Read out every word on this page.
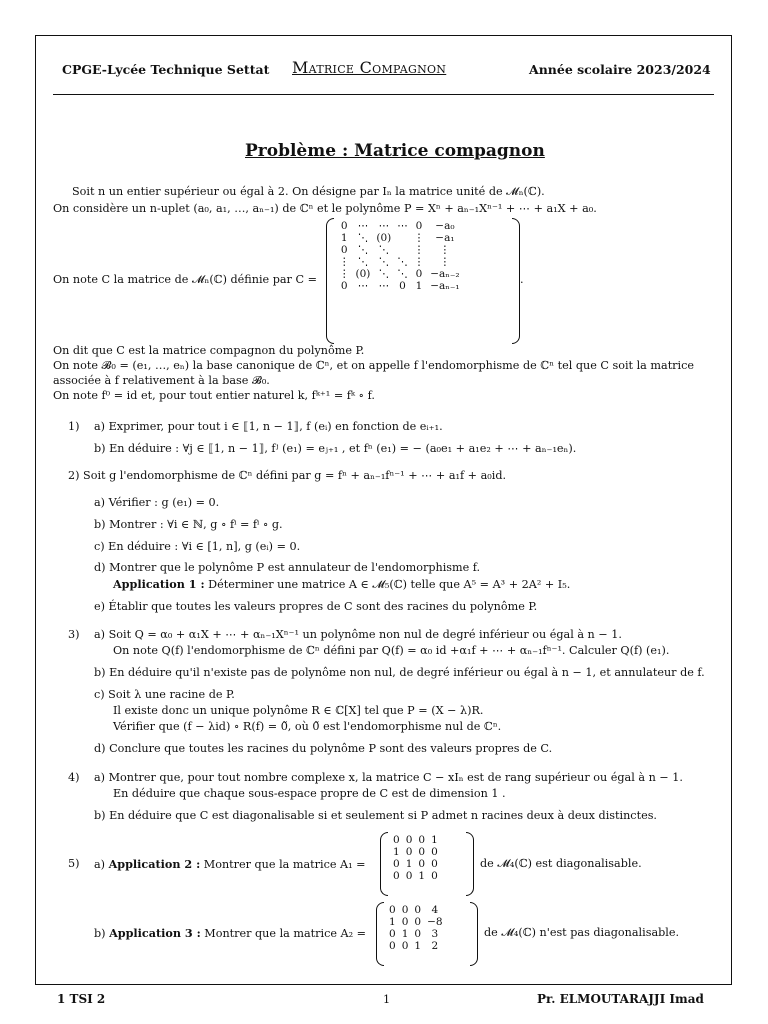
CPGE-Lycée Technique Settat Matrice Compagnon	Année scolaire 2023/2024
Problème : Matrice compagnon
Soit n un entier supérieur ou égal à 2. On désigne par Iₙ la matrice unité de 𝓜ₙ(ℂ).
On considère un n-uplet (a₀, a₁, …, aₙ₋₁) de ℂⁿ et le polynôme P = Xⁿ + aₙ₋₁Xⁿ⁻¹ + ⋯ + a₁X + a₀.
On note C la matrice de 𝓜ₙ(ℂ) définie par C =
0	⋯	⋯	⋯	0	−a₀
1	⋱	(0)		⋮	−a₁
0	⋱	⋱		⋮	⋮
⋮	⋱	⋱	⋱	⋮	⋮
⋮	(0)	⋱	⋱	0	−aₙ₋₂
0	⋯	⋯	0	1	−aₙ₋₁	.
On dit que C est la matrice compagnon du polynôme P.
On note 𝓑₀ = (e₁, …, eₙ) la base canonique de ℂⁿ, et on appelle f l'endomorphisme de ℂⁿ tel que C soit la matrice
associée à f relativement à la base 𝓑₀.
On note f⁰ = id et, pour tout entier naturel k, fᵏ⁺¹ = fᵏ ∘ f.
1) a) Exprimer, pour tout i ∈ ⟦1, n − 1⟧, f (eᵢ) en fonction de eᵢ₊₁.
b) En déduire : ∀j ∈ ⟦1, n − 1⟧, fʲ (e₁) = eⱼ₊₁ , et fⁿ (e₁) = − (a₀e₁ + a₁e₂ + ⋯ + aₙ₋₁eₙ).
2) Soit g l'endomorphisme de ℂⁿ défini par g = fⁿ + aₙ₋₁fⁿ⁻¹ + ⋯ + a₁f + a₀id.
a) Vérifier : g (e₁) = 0.
b) Montrer : ∀i ∈ ℕ, g ∘ fⁱ = fⁱ ∘ g.
c) En déduire : ∀i ∈ [1, n], g (eᵢ) = 0.
d) Montrer que le polynôme P est annulateur de l'endomorphisme f.
Application 1 : Déterminer une matrice A ∈ 𝓜₅(ℂ) telle que A⁵ = A³ + 2A² + I₅.
e) Établir que toutes les valeurs propres de C sont des racines du polynôme P.
3) a) Soit Q = α₀ + α₁X + ⋯ + αₙ₋₁Xⁿ⁻¹ un polynôme non nul de degré inférieur ou égal à n − 1.
On note Q(f) l'endomorphisme de ℂⁿ défini par Q(f) = α₀ id +α₁f + ⋯ + αₙ₋₁fⁿ⁻¹. Calculer Q(f) (e₁).
b) En déduire qu'il n'existe pas de polynôme non nul, de degré inférieur ou égal à n − 1, et annulateur de f.
c) Soit λ une racine de P.
Il existe donc un unique polynôme R ∈ ℂ[X] tel que P = (X − λ)R.
Vérifier que (f − λid) ∘ R(f) = 0̃, où 0̃ est l'endomorphisme nul de ℂⁿ.
d) Conclure que toutes les racines du polynôme P sont des valeurs propres de C.
4) a) Montrer que, pour tout nombre complexe x, la matrice C − xIₙ est de rang supérieur ou égal à n − 1.
En déduire que chaque sous-espace propre de C est de dimension 1 .
b) En déduire que C est diagonalisable si et seulement si P admet n racines deux à deux distinctes.
5) a) Application 2 : Montrer que la matrice A₁ =
0	0	0	1
1	0	0	0
0	1	0	0
0	0	1	0
de 𝓜₄(ℂ) est diagonalisable.
b) Application 3 : Montrer que la matrice A₂ =
0	0	0	4
1	0	0	−8
0	1	0	3
0	0	1	2
de 𝓜₄(ℂ) n'est pas diagonalisable.
1 TSI 2	1	Pr. ELMOUTARAJJI Imad
